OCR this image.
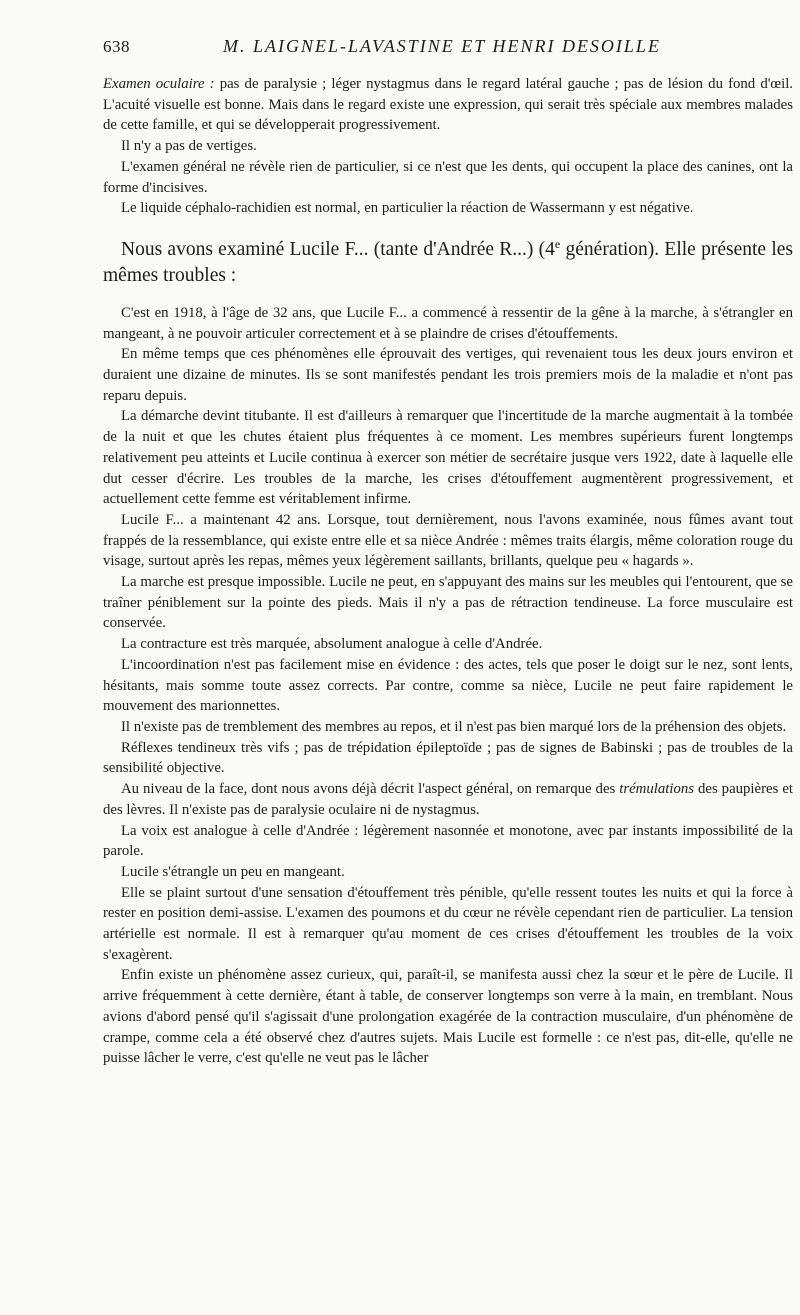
638	M. LAIGNEL-LAVASTINE ET HENRI DESOILLE

Examen oculaire : pas de paralysie ; léger nystagmus dans le regard latéral gauche ; pas de lésion du fond d'œil. L'acuité visuelle est bonne. Mais dans le regard existe une expression, qui serait très spéciale aux membres malades de cette famille, et qui se développerait progressivement.

Il n'y a pas de vertiges.

L'examen général ne révèle rien de particulier, si ce n'est que les dents, qui occupent la place des canines, ont la forme d'incisives.

Le liquide céphalo-rachidien est normal, en particulier la réaction de Wassermann y est négative.

Nous avons examiné Lucile F... (tante d'Andrée R...) (4e génération). Elle présente les mêmes troubles :

C'est en 1918, à l'âge de 32 ans, que Lucile F... a commencé à ressentir de la gêne à la marche, à s'étrangler en mangeant, à ne pouvoir articuler correctement et à se plaindre de crises d'étouffements.

En même temps que ces phénomènes elle éprouvait des vertiges, qui revenaient tous les deux jours environ et duraient une dizaine de minutes. Ils se sont manifestés pendant les trois premiers mois de la maladie et n'ont pas reparu depuis.

La démarche devint titubante. Il est d'ailleurs à remarquer que l'incertitude de la marche augmentait à la tombée de la nuit et que les chutes étaient plus fréquentes à ce moment. Les membres supérieurs furent longtemps relativement peu atteints et Lucile continua à exercer son métier de secrétaire jusque vers 1922, date à laquelle elle dut cesser d'écrire. Les troubles de la marche, les crises d'étouffement augmentèrent progressivement, et actuellement cette femme est véritablement infirme.

Lucile F... a maintenant 42 ans. Lorsque, tout dernièrement, nous l'avons examinée, nous fûmes avant tout frappés de la ressemblance, qui existe entre elle et sa nièce Andrée : mêmes traits élargis, même coloration rouge du visage, surtout après les repas, mêmes yeux légèrement saillants, brillants, quelque peu « hagards ».

La marche est presque impossible. Lucile ne peut, en s'appuyant des mains sur les meubles qui l'entourent, que se traîner péniblement sur la pointe des pieds. Mais il n'y a pas de rétraction tendineuse. La force musculaire est conservée.

La contracture est très marquée, absolument analogue à celle d'Andrée.

L'incoordination n'est pas facilement mise en évidence : des actes, tels que poser le doigt sur le nez, sont lents, hésitants, mais somme toute assez corrects. Par contre, comme sa nièce, Lucile ne peut faire rapidement le mouvement des marionnettes.

Il n'existe pas de tremblement des membres au repos, et il n'est pas bien marqué lors de la préhension des objets.

Réflexes tendineux très vifs ; pas de trépidation épileptoïde ; pas de signes de Babinski ; pas de troubles de la sensibilité objective.

Au niveau de la face, dont nous avons déjà décrit l'aspect général, on remarque des trémulations des paupières et des lèvres. Il n'existe pas de paralysie oculaire ni de nystagmus.

La voix est analogue à celle d'Andrée : légèrement nasonnée et monotone, avec par instants impossibilité de la parole.

Lucile s'étrangle un peu en mangeant.

Elle se plaint surtout d'une sensation d'étouffement très pénible, qu'elle ressent toutes les nuits et qui la force à rester en position demi-assise. L'examen des poumons et du cœur ne révèle cependant rien de particulier. La tension artérielle est normale. Il est à remarquer qu'au moment de ces crises d'étouffement les troubles de la voix s'exagèrent.

Enfin existe un phénomène assez curieux, qui, paraît-il, se manifesta aussi chez la sœur et le père de Lucile. Il arrive fréquemment à cette dernière, étant à table, de conserver longtemps son verre à la main, en tremblant. Nous avions d'abord pensé qu'il s'agissait d'une prolongation exagérée de la contraction musculaire, d'un phénomène de crampe, comme cela a été observé chez d'autres sujets. Mais Lucile est formelle : ce n'est pas, dit-elle, qu'elle ne puisse lâcher le verre, c'est qu'elle ne veut pas le lâcher
